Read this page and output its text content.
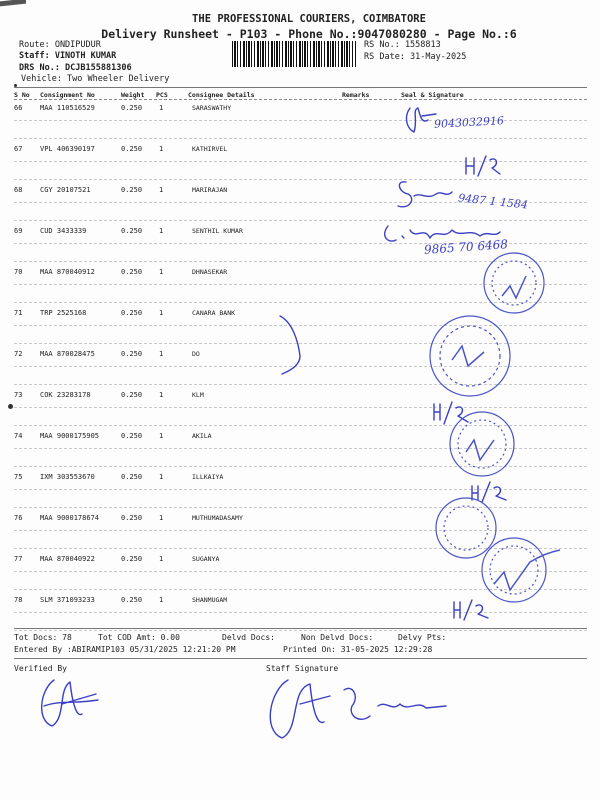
THE PROFESSIONAL COURIERS, COIMBATORE
Delivery Runsheet - P103 - Phone No.:9047080280 - Page No.:6
Route: ONDIPUDUR
Staff: VINOTH KUMAR
DRS No.: DCJB155881306
Vehicle: Two Wheeler Delivery
RS No.: 1558813
RS Date: 31-May-2025
S No Consignment No	Weight PCS	Consignee Details	Remarks	Seal & Signature
66	MAA 110516529	0.250 1	SARASWATHY
67	VPL 406390197	0.250 1	KATHIRVEL
68	CGY 20107521	0.250 1	MARIRAJAN
69	CUD 3433339	0.250 1	SENTHIL KUMAR
70	MAA 870040912	0.250 1	DHNASEKAR
71	TRP 2525168	0.250 1	CANARA BANK
72	MAA 870028475	0.250 1	DO
73	COK 23283178	0.250 1	KLM
74	MAA 9000175905	0.250 1	AKILA
75	IXM 303553670	0.250 1	ILLKAIYA
76	MAA 9000178674	0.250 1	MUTHUMADASAMY
77	MAA 870040922	0.250 1	SUGANYA
78	SLM 371093233	0.250 1	SHANMUGAM
Tot Docs: 78	Tot COD Amt: 0.00	Delvd Docs:	Non Delvd Docs:	Delvy Pts:
Entered By :ABIRAMIP103 05/31/2025 12:21:20 PM	Printed On: 31-05-2025 12:29:28
Verified By	Staff Signature
9043032916
9487 1 1584
9865 70 6468
